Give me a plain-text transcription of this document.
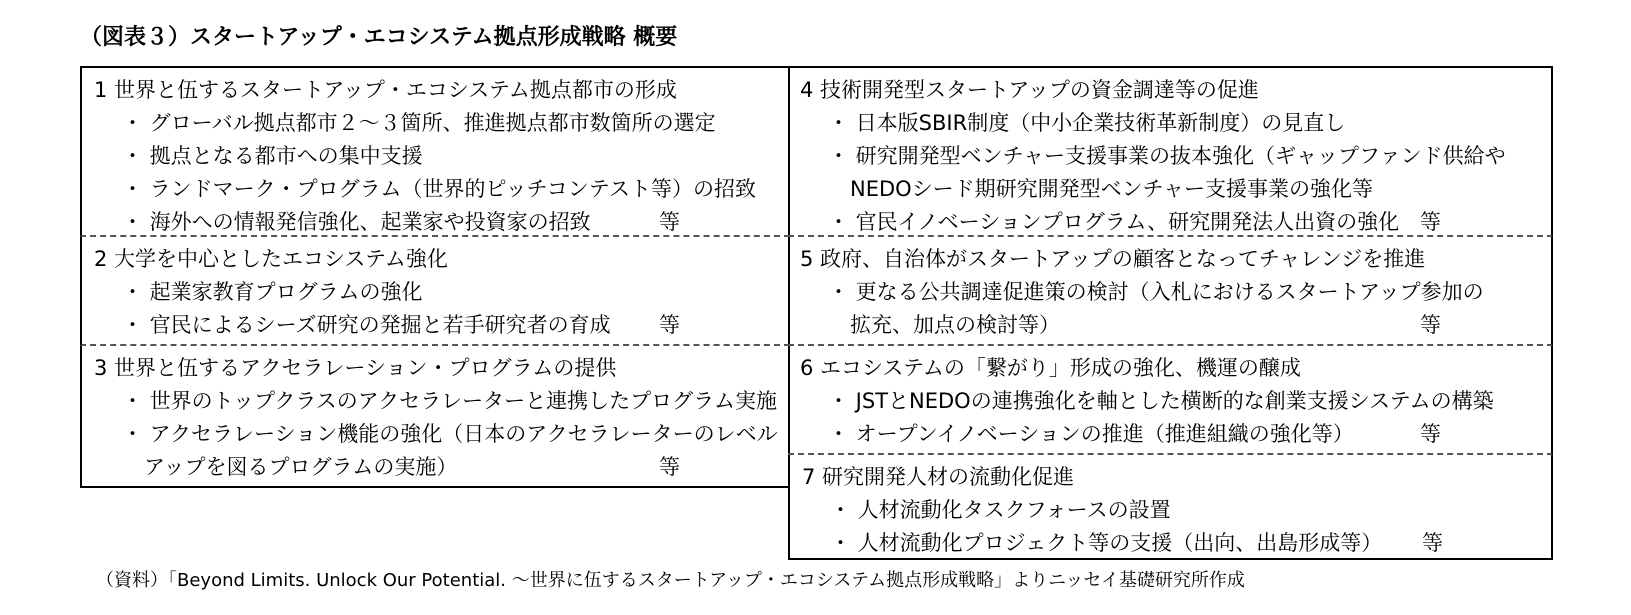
（図表３）スタートアップ・エコシステム拠点形成戦略 概要
1 世界と伍するスタートアップ・エコシステム拠点都市の形成
・ グローバル拠点都市２～３箇所、推進拠点都市数箇所の選定
・ 拠点となる都市への集中支援
・ ランドマーク・プログラム（世界的ピッチコンテスト等）の招致
・ 海外への情報発信強化、起業家や投資家の招致	等
2 大学を中心としたエコシステム強化
・ 起業家教育プログラムの強化
・ 官民によるシーズ研究の発掘と若手研究者の育成 等
3 世界と伍するアクセラレーション・プログラムの提供
・ 世界のトップクラスのアクセラレーターと連携したプログラム実施
・ アクセラレーション機能の強化（日本のアクセラレーターのレベル
アップを図るプログラムの実施）	等
4 技術開発型スタートアップの資金調達等の促進
・ 日本版SBIR制度（中小企業技術革新制度）の見直し
・ 研究開発型ベンチャー支援事業の抜本強化（ギャップファンド供給や
NEDOシード期研究開発型ベンチャー支援事業の強化等
・ 官民イノベーションプログラム、研究開発法人出資の強化 等
5 政府、自治体がスタートアップの顧客となってチャレンジを推進
・ 更なる公共調達促進策の検討（入札におけるスタートアップ参加の
拡充、加点の検討等）	等
6 エコシステムの「繋がり」形成の強化、機運の醸成
・ JSTとNEDOの連携強化を軸とした横断的な創業支援システムの構築
・ オープンイノベーションの推進（推進組織の強化等）	等
7 研究開発人材の流動化促進
・ 人材流動化タスクフォースの設置
・ 人材流動化プロジェクト等の支援（出向、出島形成等） 等
（資料）「Beyond Limits. Unlock Our Potential. ～世界に伍するスタートアップ・エコシステム拠点形成戦略」よりニッセイ基礎研究所作成
